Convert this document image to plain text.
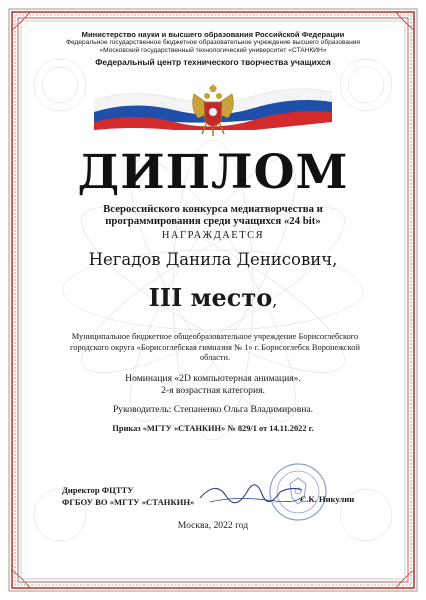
Министерство науки и высшего образования Российской Федерации
Федеральное государственное бюджетное образовательное учреждение высшего образования
«Московский государственный технологический университет «СТАНКИН»
Федеральный центр технического творчества учащихся
ДИПЛОМ
Всероссийского конкурса медиатворчества и
программирования среди учащихся «24 bit»
НАГРАЖДАЕТСЯ
Негадов Данила Денисович,
III место,
Муниципальное бюджетное общеобразовательное учреждение Борисоглебского
городского округа «Борисоглебская гимназия № 1» г. Борисоглебск Воронежской
области.
Номинация «2D компьютерная анимация».
2-я возрастная категория.
Руководитель: Степаненко Ольга Владимировна.
Приказ «МГТУ «СТАНКИН» № 829/1 от 14.11.2022 г.
Директор ФЦТТУ
ФГБОУ ВО «МГТУ «СТАНКИН»	С.К. Никулин
Москва, 2022 год
